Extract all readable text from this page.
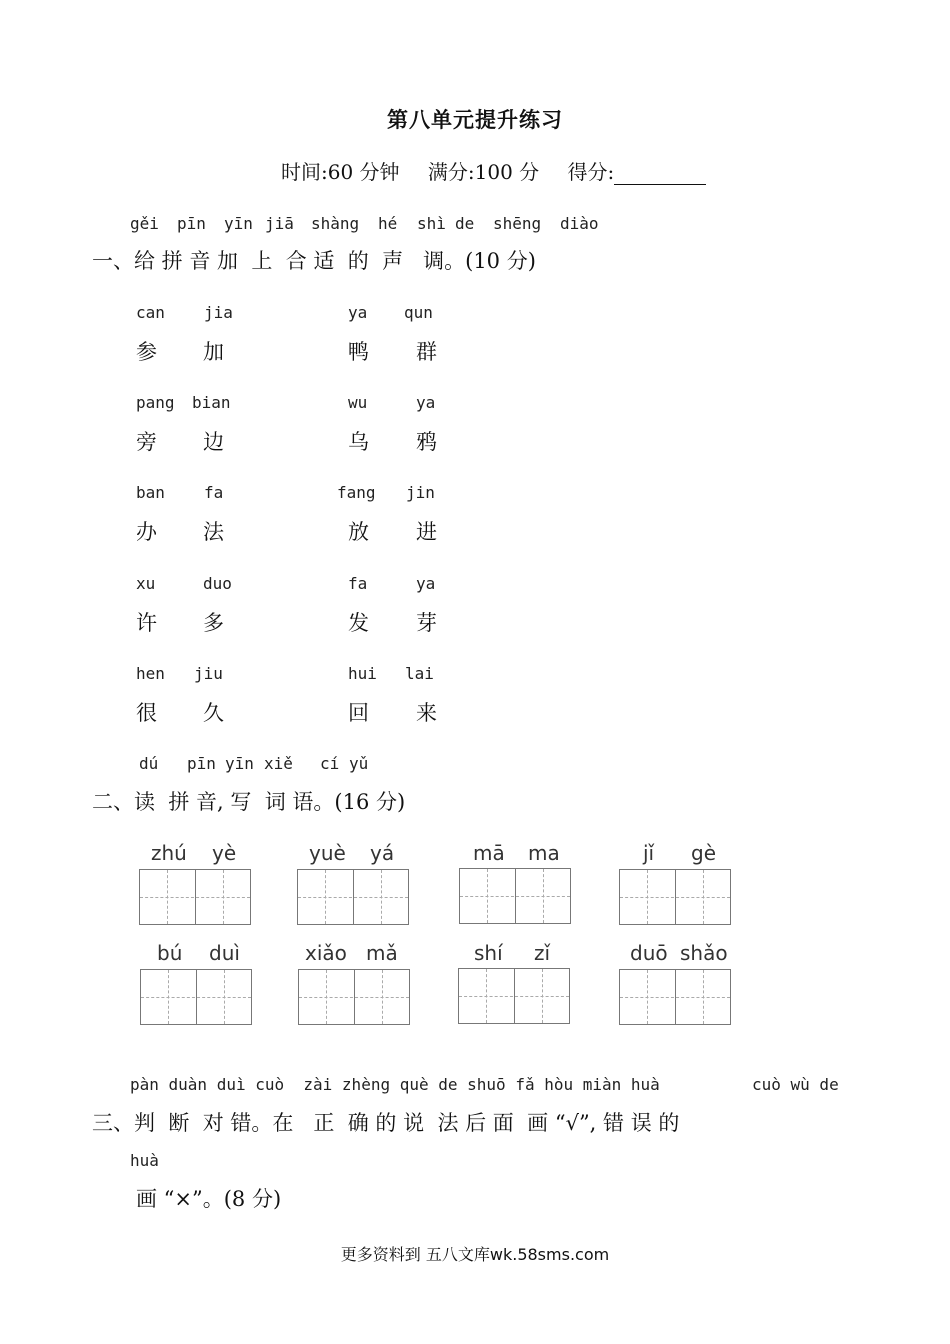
第八单元提升练习
时间:60 分钟 满分:100 分 得分:
gěi pīn yīn jiā shàng hé shì de shēng diào
一、给 拼 音 加  上  合 适  的  声   调。(10 分)
can jia
参 加
ya qun
鸭 群
pang bian
旁 边
wu	ya
乌 鸦
ban fa
办 法
fang jin
放 进
xu	duo
许 多
fa	ya
发 芽
hen jiu
很 久
hui lai
回 来
dú pīn yīn xiě cí yǔ
二、读  拼 音, 写  词 语。(16 分)
zhú yè	yuè yá	mā ma	jǐ gè
bú duì	xiǎo mǎ	shí zǐ	duō shǎo
pàn duàn duì cuò  zài zhèng què de shuō fǎ hòu miàn huà	cuò wù de
三、判  断  对 错。在   正  确 的 说  法 后 面  画 “√”, 错 误 的
huà
画 “×”。(8 分)
更多资料到 五八文库wk.58sms.com
